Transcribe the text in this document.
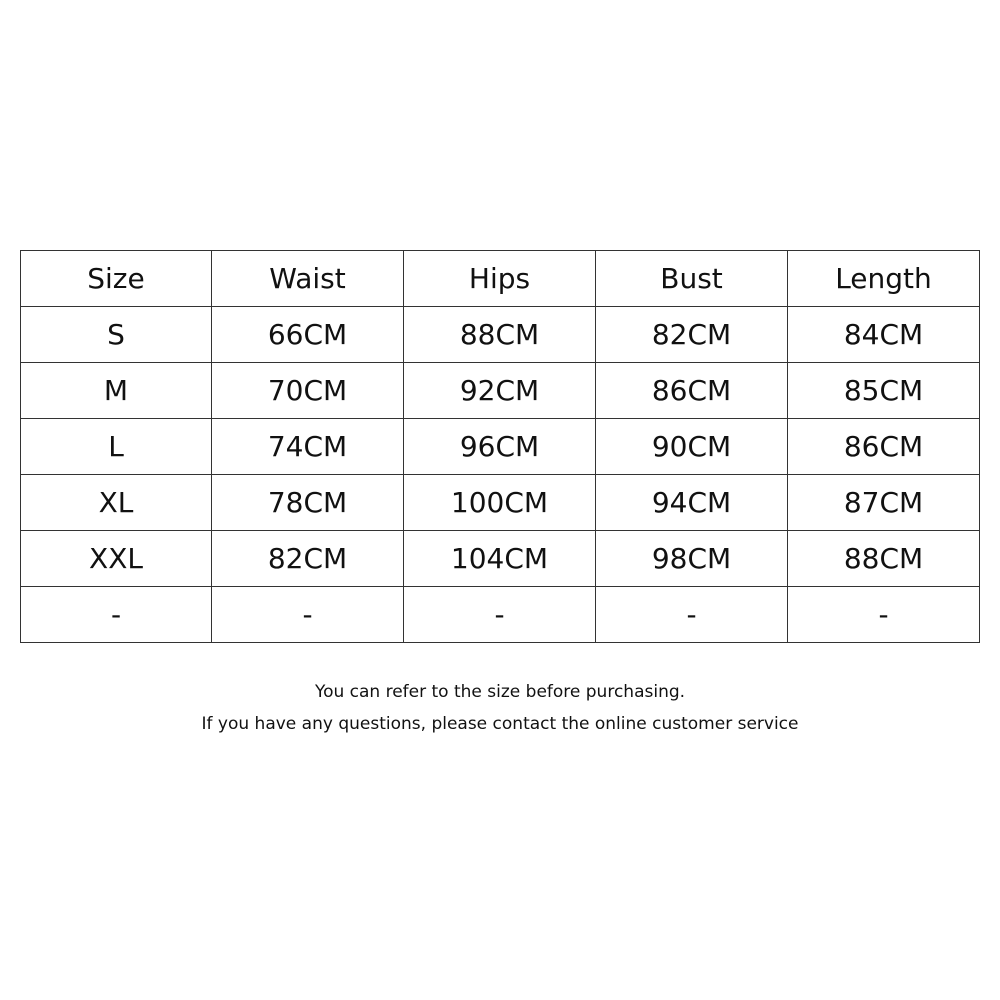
Size	Waist	Hips	Bust	Length
S	66CM	88CM	82CM	84CM
M	70CM	92CM	86CM	85CM
L	74CM	96CM	90CM	86CM
XL	78CM	100CM	94CM	87CM
XXL	82CM	104CM	98CM	88CM
-	-	-	-	-

You can refer to the size before purchasing.

If you have any questions, please contact the online customer service
